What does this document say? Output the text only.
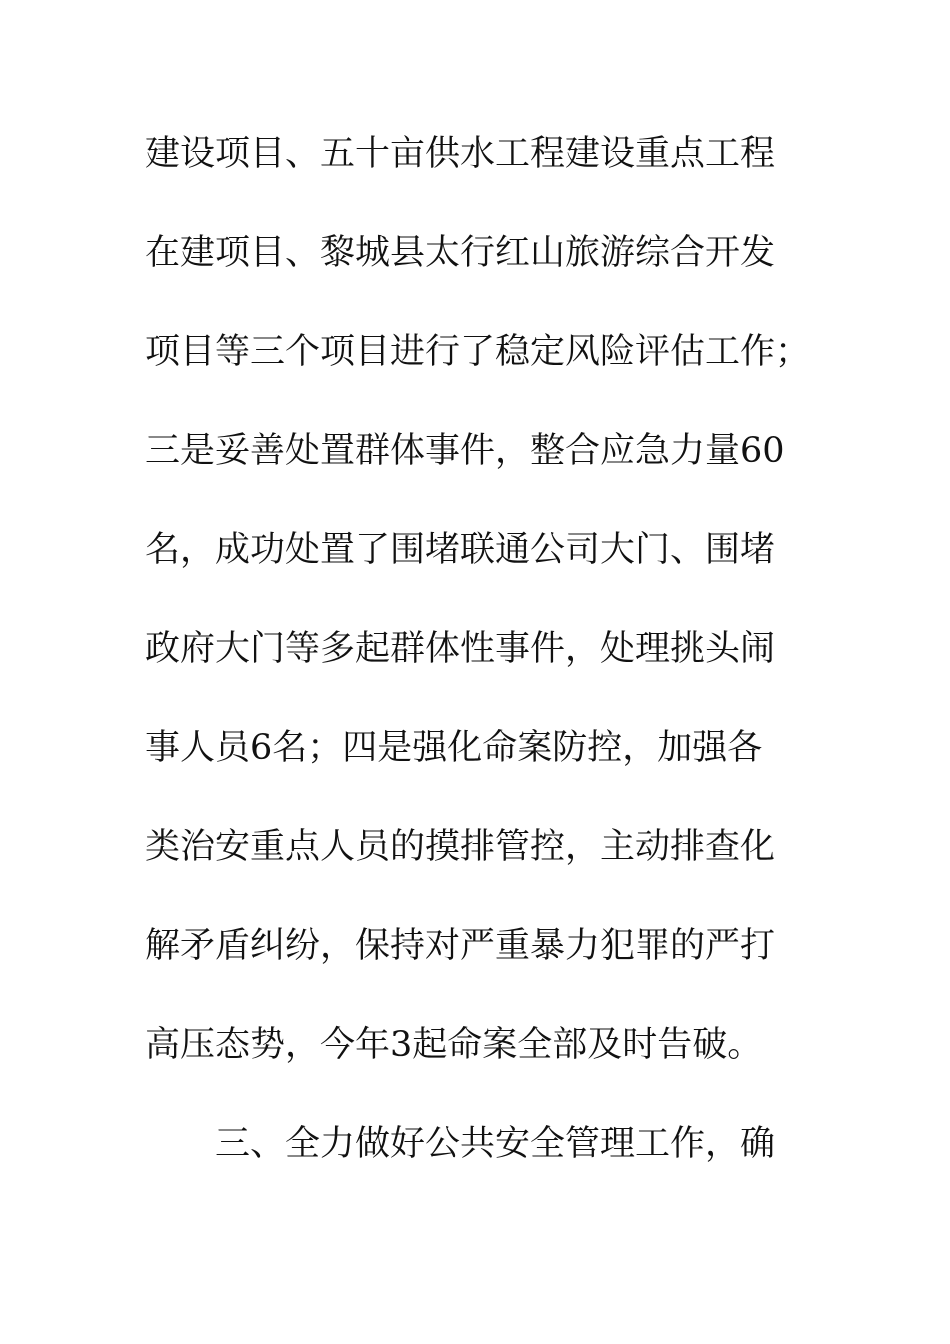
建设项目、五十亩供水工程建设重点工程
在建项目、黎城县太行红山旅游综合开发
项目等三个项目进行了稳定风险评估工作；
三是妥善处置群体事件，整合应急力量60
名，成功处置了围堵联通公司大门、围堵
政府大门等多起群体性事件，处理挑头闹
事人员6名；四是强化命案防控，加强各
类治安重点人员的摸排管控，主动排查化
解矛盾纠纷，保持对严重暴力犯罪的严打
高压态势，今年3起命案全部及时告破。
三、全力做好公共安全管理工作，确
